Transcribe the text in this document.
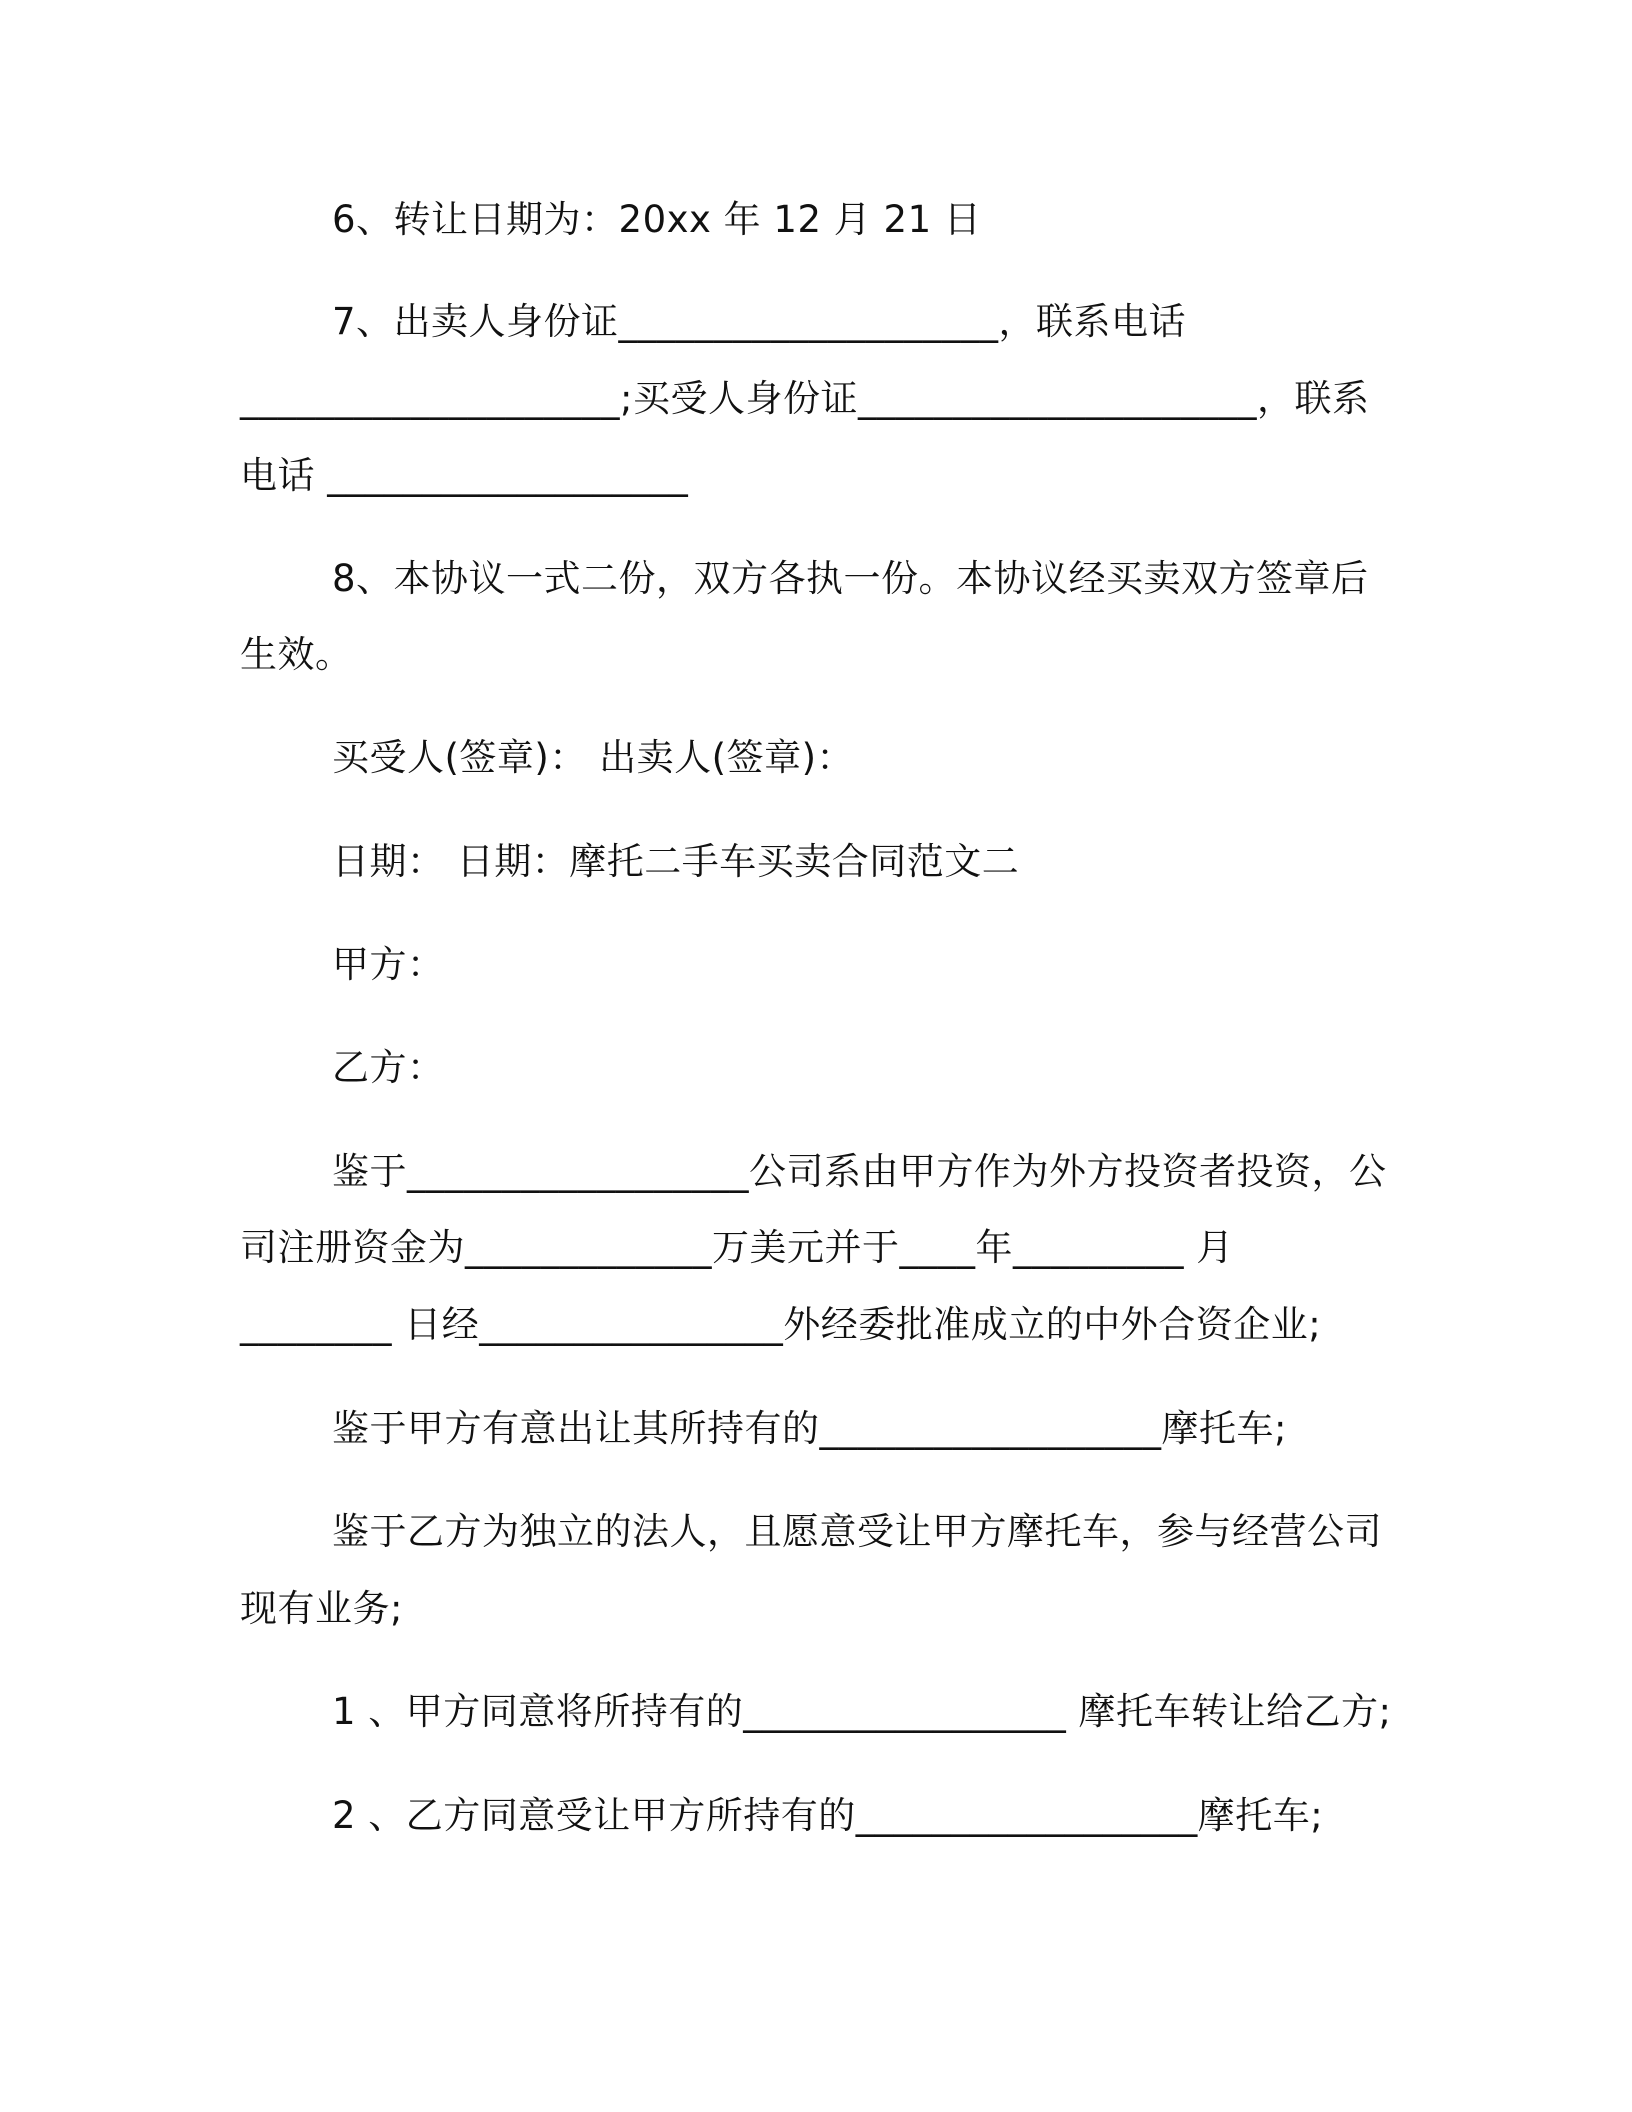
6、转让日期为：20xx 年 12 月 21 日
7、出卖人身份证____________________，联系电话
____________________;买受人身份证_____________________，联系
电话 ___________________
8、本协议一式二份，双方各执一份。本协议经买卖双方签章后
生效。
买受人(签章)： 出卖人(签章)：
日期： 日期：摩托二手车买卖合同范文二
甲方：
乙方：
鉴于__________________公司系由甲方作为外方投资者投资，公
司注册资金为_____________万美元并于____年_________ 月
________ 日经________________外经委批准成立的中外合资企业;
鉴于甲方有意出让其所持有的__________________摩托车;
鉴于乙方为独立的法人，且愿意受让甲方摩托车，参与经营公司
现有业务;
1 、甲方同意将所持有的_________________ 摩托车转让给乙方;
2 、乙方同意受让甲方所持有的__________________摩托车;
